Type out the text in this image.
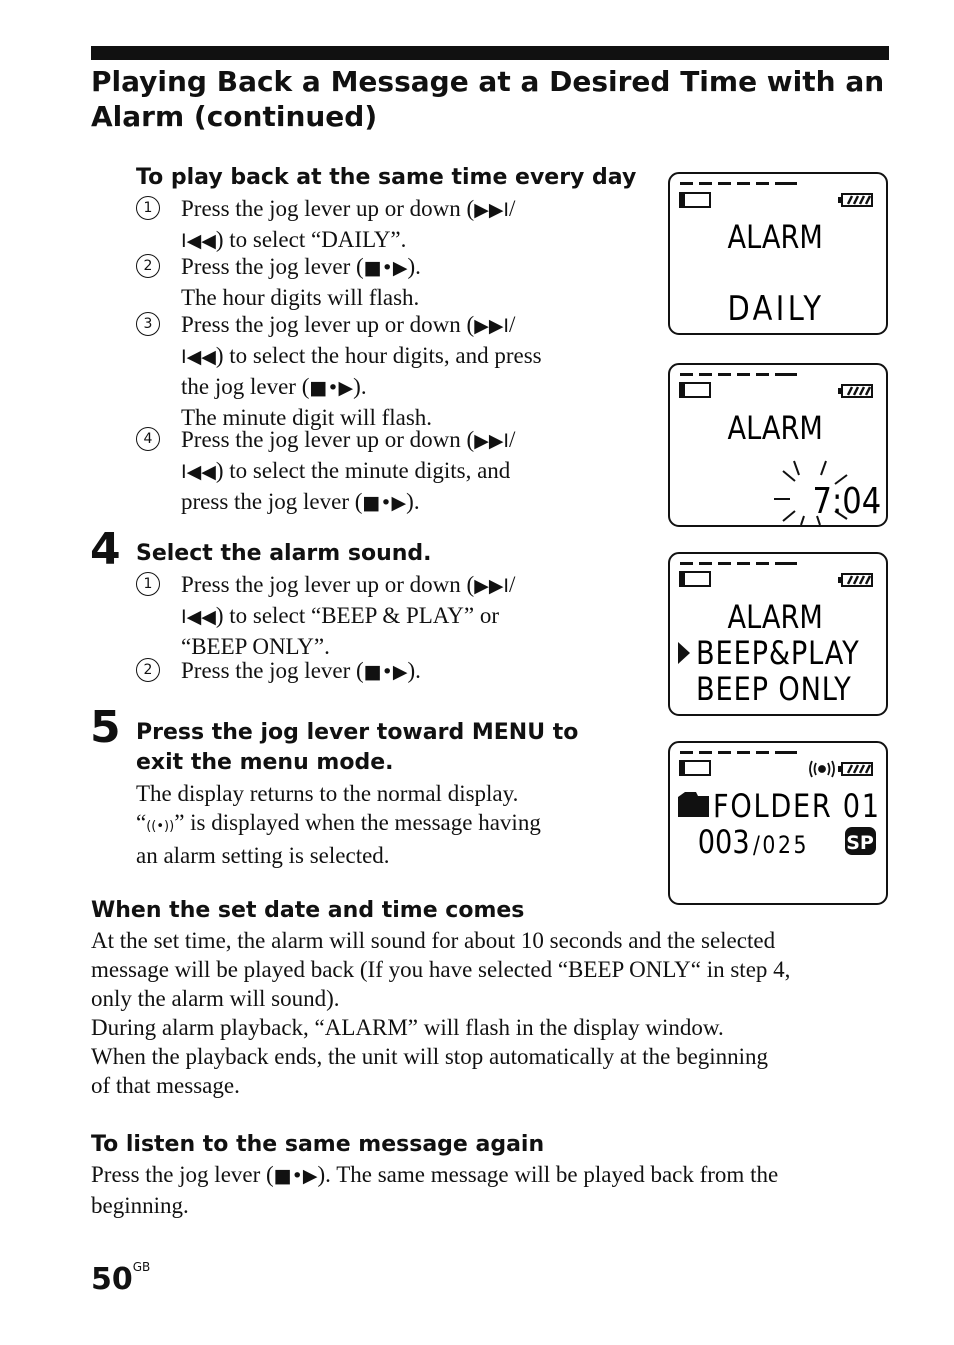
Playing Back a Message at a Desired Time with an Alarm (continued)
To play back at the same time every day
1	Press the jog lever up or down (▶▶I/
I◀◀) to select “DAILY”.
2	Press the jog lever (■•▶).
The hour digits will flash.
3	Press the jog lever up or down (▶▶I/
I◀◀) to select the hour digits, and press
the jog lever (■•▶).
The minute digit will flash.
4	Press the jog lever up or down (▶▶I/
I◀◀) to select the minute digits, and
press the jog lever (■•▶).
4 Select the alarm sound.
1	Press the jog lever up or down (▶▶I/
I◀◀) to select “BEEP & PLAY” or
“BEEP ONLY”.
2	Press the jog lever (■•▶).
5 Press the jog lever toward MENU to
exit the menu mode.
The display returns to the normal display.
“((•))” is displayed when the message having
an alarm setting is selected.
When the set date and time comes
At the set time, the alarm will sound for about 10 seconds and the selected
message will be played back (If you have selected “BEEP ONLY“ in step 4,
only the alarm will sound).
During alarm playback, “ALARM” will flash in the display window.
When the playback ends, the unit will stop automatically at the beginning
of that message.
To listen to the same message again
Press the jog lever (■•▶). The same message will be played back from the
beginning.
$50^{GB}$
ALARM
DAILY
ALARM
7:04
ALARM
BEEP&PLAY
BEEP ONLY
FOLDER 01
003 /025 SP
